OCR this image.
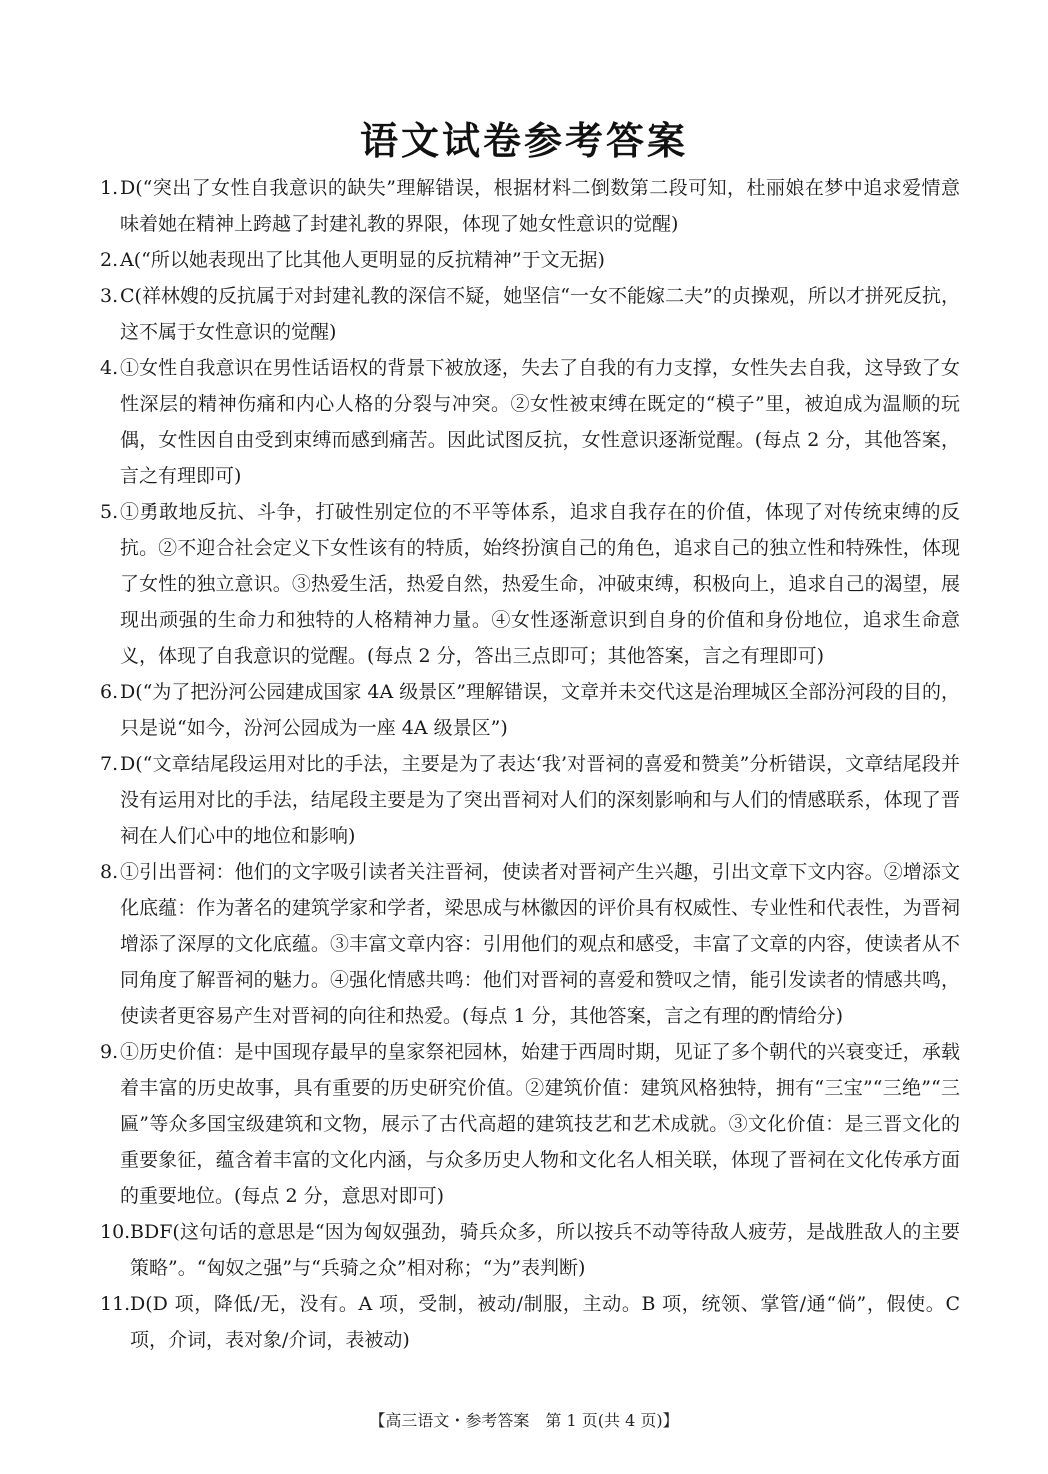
语文试卷参考答案
1. D(“突出了女性自我意识的缺失”理解错误，根据材料二倒数第二段可知，杜丽娘在梦中追求爱情意味着她在精神上跨越了封建礼教的界限，体现了她女性意识的觉醒)
2. A(“所以她表现出了比其他人更明显的反抗精神”于文无据)
3. C(祥林嫂的反抗属于对封建礼教的深信不疑，她坚信“一女不能嫁二夫”的贞操观，所以才拼死反抗，这不属于女性意识的觉醒)
4. ①女性自我意识在男性话语权的背景下被放逐，失去了自我的有力支撑，女性失去自我，这导致了女性深层的精神伤痛和内心人格的分裂与冲突。②女性被束缚在既定的“模子”里，被迫成为温顺的玩偶，女性因自由受到束缚而感到痛苦。因此试图反抗，女性意识逐渐觉醒。(每点 2 分，其他答案，言之有理即可)
5. ①勇敢地反抗、斗争，打破性别定位的不平等体系，追求自我存在的价值，体现了对传统束缚的反抗。②不迎合社会定义下女性该有的特质，始终扮演自己的角色，追求自己的独立性和特殊性，体现了女性的独立意识。③热爱生活，热爱自然，热爱生命，冲破束缚，积极向上，追求自己的渴望，展现出顽强的生命力和独特的人格精神力量。④女性逐渐意识到自身的价值和身份地位，追求生命意义，体现了自我意识的觉醒。(每点 2 分，答出三点即可；其他答案，言之有理即可)
6. D(“为了把汾河公园建成国家 4A 级景区”理解错误，文章并未交代这是治理城区全部汾河段的目的，只是说“如今，汾河公园成为一座 4A 级景区”)
7. D(“文章结尾段运用对比的手法，主要是为了表达‘我’对晋祠的喜爱和赞美”分析错误，文章结尾段并没有运用对比的手法，结尾段主要是为了突出晋祠对人们的深刻影响和与人们的情感联系，体现了晋祠在人们心中的地位和影响)
8. ①引出晋祠：他们的文字吸引读者关注晋祠，使读者对晋祠产生兴趣，引出文章下文内容。②增添文化底蕴：作为著名的建筑学家和学者，梁思成与林徽因的评价具有权威性、专业性和代表性，为晋祠增添了深厚的文化底蕴。③丰富文章内容：引用他们的观点和感受，丰富了文章的内容，使读者从不同角度了解晋祠的魅力。④强化情感共鸣：他们对晋祠的喜爱和赞叹之情，能引发读者的情感共鸣，使读者更容易产生对晋祠的向往和热爱。(每点 1 分，其他答案，言之有理的酌情给分)
9. ①历史价值：是中国现存最早的皇家祭祀园林，始建于西周时期，见证了多个朝代的兴衰变迁，承载着丰富的历史故事，具有重要的历史研究价值。②建筑价值：建筑风格独特，拥有“三宝”“三绝”“三匾”等众多国宝级建筑和文物，展示了古代高超的建筑技艺和艺术成就。③文化价值：是三晋文化的重要象征，蕴含着丰富的文化内涵，与众多历史人物和文化名人相关联，体现了晋祠在文化传承方面的重要地位。(每点 2 分，意思对即可)
10. BDF(这句话的意思是“因为匈奴强劲，骑兵众多，所以按兵不动等待敌人疲劳，是战胜敌人的主要策略”。“匈奴之强”与“兵骑之众”相对称；“为”表判断)
11. D(D 项，降低/无，没有。A 项，受制，被动/制服，主动。B 项，统领、掌管/通“倘”，假使。C 项，介词，表对象/介词，表被动)
【高三语文・参考答案　第 1 页(共 4 页)】
